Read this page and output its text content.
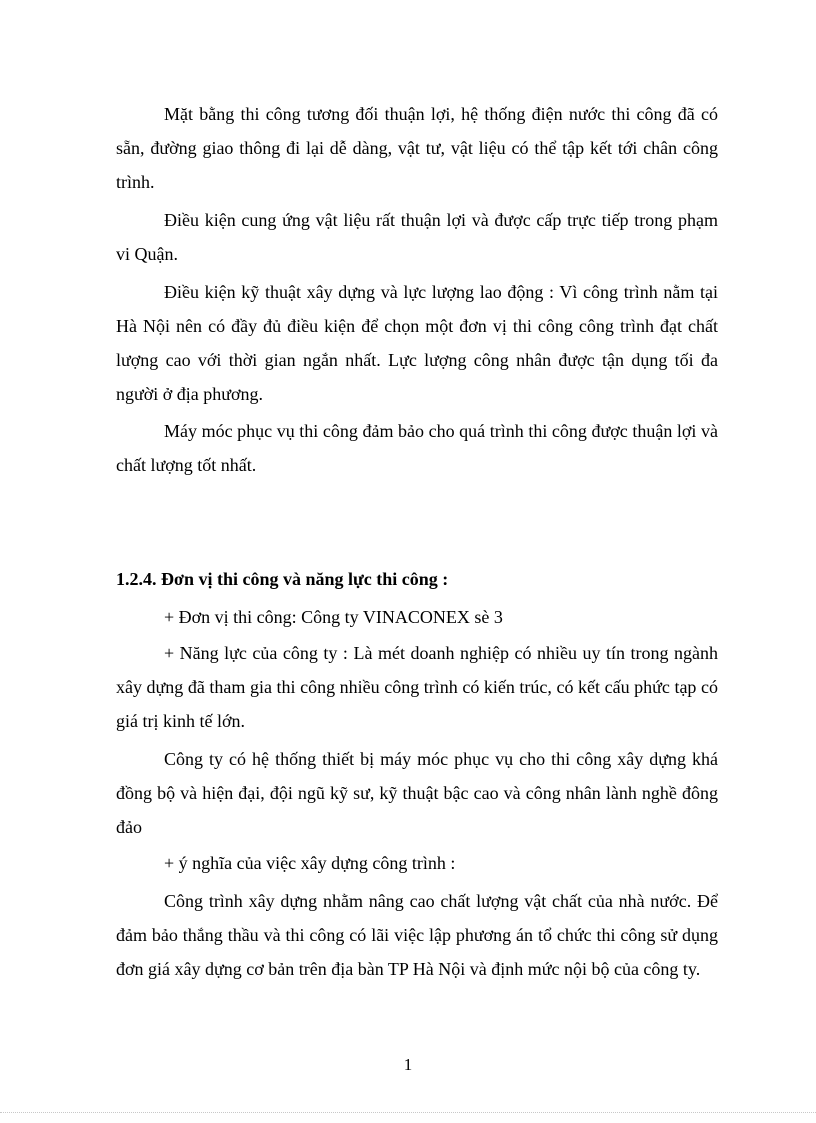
Mặt bằng thi công tương đối thuận lợi, hệ thống điện nước thi công đã có sẵn, đường giao thông đi lại dễ dàng, vật tư, vật liệu có thể tập kết tới chân công trình.

Điều kiện cung ứng vật liệu rất thuận lợi và được cấp trực tiếp trong phạm vi Quận.

Điều kiện kỹ thuật xây dựng và lực lượng lao động : Vì công trình nằm tại Hà Nội nên có đầy đủ điều kiện để chọn một đơn vị thi công công trình đạt chất lượng cao với thời gian ngắn nhất. Lực lượng công nhân được tận dụng tối đa người ở địa phương.

Máy móc phục vụ thi công đảm bảo cho quá trình thi công được thuận lợi và chất lượng tốt nhất.

1.2.4. Đơn vị thi công và năng lực thi công :

+ Đơn vị thi công: Công ty VINACONEX sè 3

+ Năng lực của công ty : Là mét doanh nghiệp có nhiều uy tín trong ngành xây dựng đã tham gia thi công nhiều công trình có kiến trúc, có kết cấu phức tạp có giá trị kinh tế lớn.

Công ty có hệ thống thiết bị máy móc phục vụ cho thi công xây dựng khá đồng bộ và hiện đại, đội ngũ kỹ sư, kỹ thuật bậc cao và công nhân lành nghề đông đảo

+ ý nghĩa của việc xây dựng công trình :

Công trình xây dựng nhằm nâng cao chất lượng vật chất của nhà nước. Để đảm bảo thắng thầu và thi công có lãi việc lập phương án tổ chức thi công sử dụng đơn giá xây dựng cơ bản trên địa bàn TP Hà Nội và định mức nội bộ của công ty.

1
